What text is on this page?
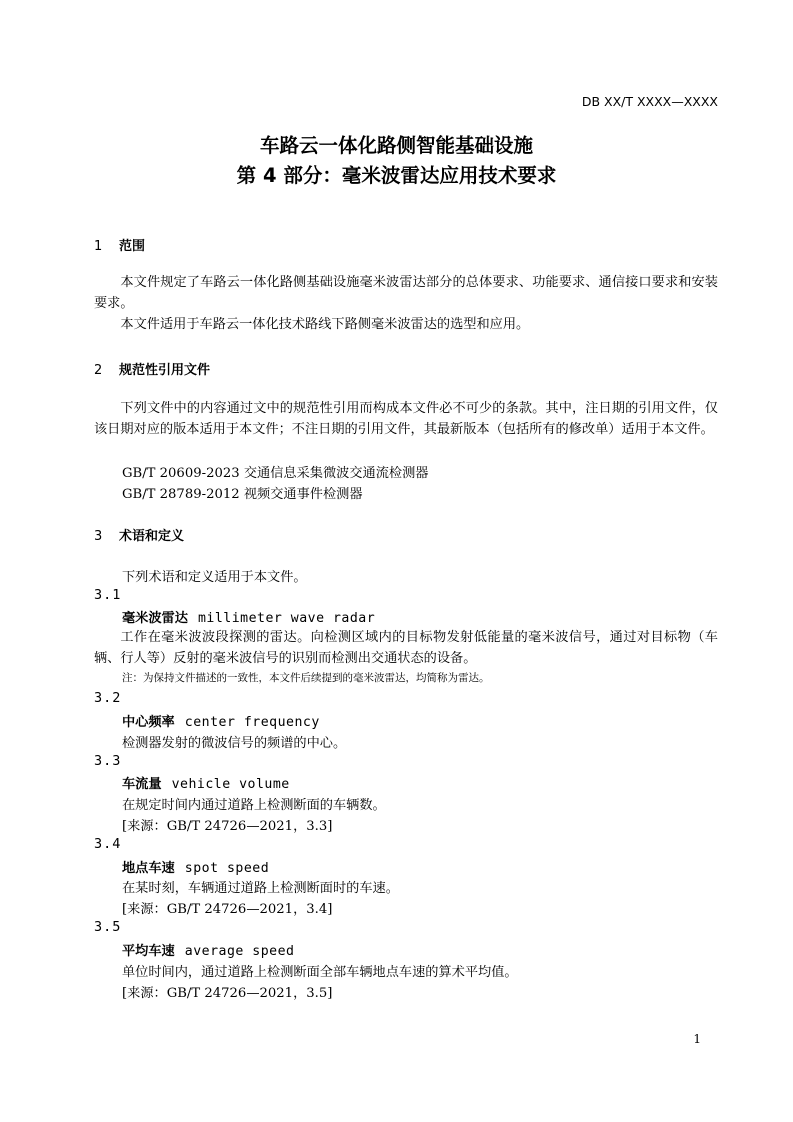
DB XX/T XXXX—XXXX
车路云一体化路侧智能基础设施
第 4 部分：毫米波雷达应用技术要求
1 范围

本文件规定了车路云一体化路侧基础设施毫米波雷达部分的总体要求、功能要求、通信接口要求和安装要求。

本文件适用于车路云一体化技术路线下路侧毫米波雷达的选型和应用。

2 规范性引用文件

下列文件中的内容通过文中的规范性引用而构成本文件必不可少的条款。其中，注日期的引用文件，仅该日期对应的版本适用于本文件；不注日期的引用文件，其最新版本（包括所有的修改单）适用于本文件。

GB/T 20609-2023 交通信息采集微波交通流检测器
GB/T 28789-2012 视频交通事件检测器
3 术语和定义
下列术语和定义适用于本文件。
3.1
毫米波雷达 millimeter wave radar

工作在毫米波波段探测的雷达。向检测区域内的目标物发射低能量的毫米波信号，通过对目标物（车辆、行人等）反射的毫米波信号的识别而检测出交通状态的设备。

注：为保持文件描述的一致性，本文件后续提到的毫米波雷达，均简称为雷达。
3.2
中心频率 center frequency
检测器发射的微波信号的频谱的中心。
3.3
车流量 vehicle volume
在规定时间内通过道路上检测断面的车辆数。
[来源：GB/T 24726—2021，3.3]
3.4
地点车速 spot speed
在某时刻，车辆通过道路上检测断面时的车速。
[来源：GB/T 24726—2021，3.4]
3.5
平均车速 average speed
单位时间内，通过道路上检测断面全部车辆地点车速的算术平均值。
[来源：GB/T 24726—2021，3.5]
1
